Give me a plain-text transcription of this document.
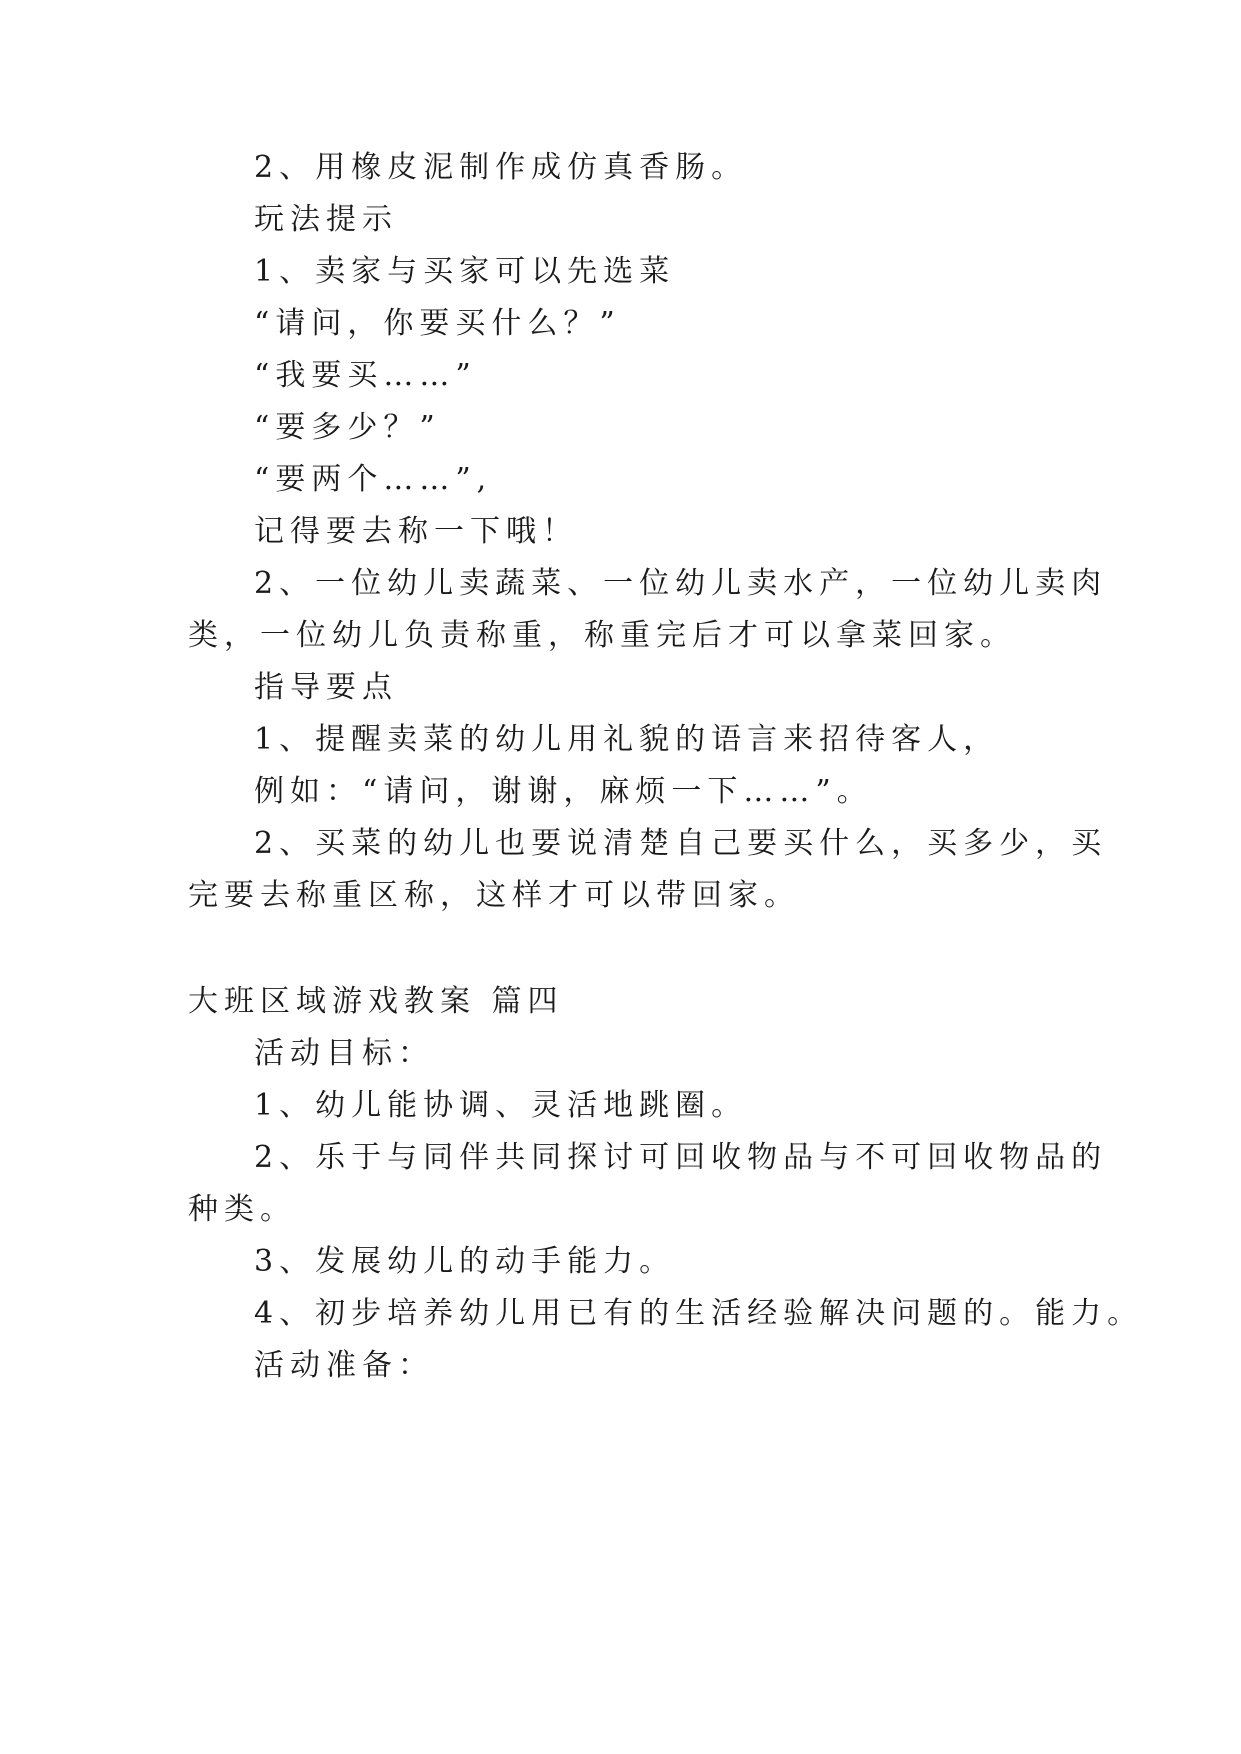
2、用橡皮泥制作成仿真香肠。
玩法提示
1、卖家与买家可以先选菜
“请问，你要买什么？”
“我要买……”
“要多少？”
“要两个……”,
记得要去称一下哦！
2、一位幼儿卖蔬菜、一位幼儿卖水产，一位幼儿卖肉
类，一位幼儿负责称重，称重完后才可以拿菜回家。
指导要点
1、提醒卖菜的幼儿用礼貌的语言来招待客人，
例如：“请问，谢谢，麻烦一下……”。
2、买菜的幼儿也要说清楚自己要买什么，买多少，买
完要去称重区称，这样才可以带回家。
大班区域游戏教案 篇四
活动目标：
1、幼儿能协调、灵活地跳圈。
2、乐于与同伴共同探讨可回收物品与不可回收物品的
种类。
3、发展幼儿的动手能力。
4、初步培养幼儿用已有的生活经验解决问题的。能力。
活动准备：
